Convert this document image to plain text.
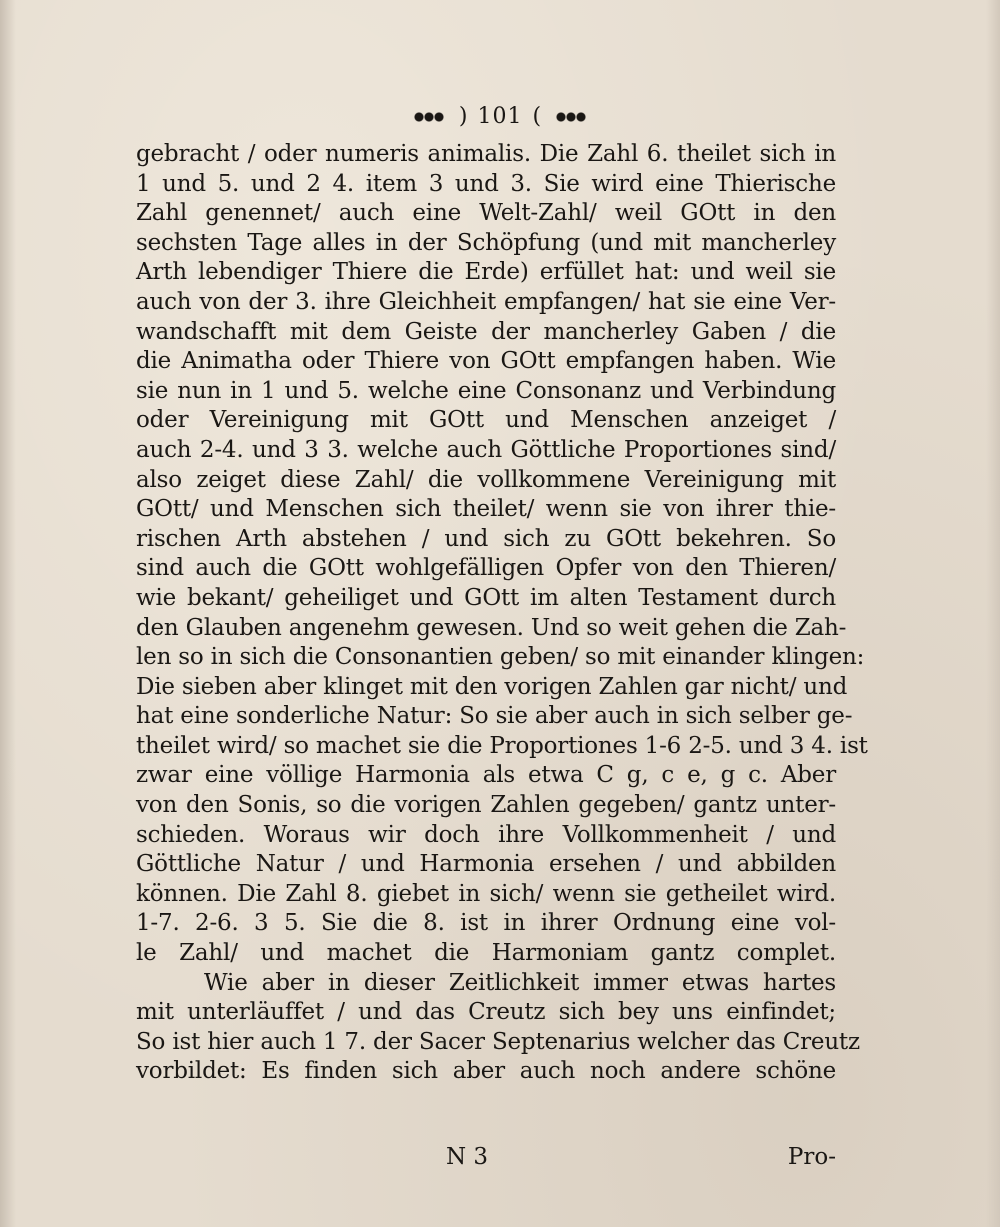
) 101 (
gebracht / oder numeris animalis. Die Zahl 6. theilet sich in
1 und 5. und 2 4. item 3 und 3. Sie wird eine Thierische
Zahl genennet/ auch eine Welt-Zahl/ weil GOtt in den
sechsten Tage alles in der Schöpfung (und mit mancherley
Arth lebendiger Thiere die Erde) erfüllet hat: und weil sie
auch von der 3. ihre Gleichheit empfangen/ hat sie eine Ver-
wandschafft mit dem Geiste der mancherley Gaben / die
die Animatha oder Thiere von GOtt empfangen haben. Wie
sie nun in 1 und 5. welche eine Consonanz und Verbindung
oder Vereinigung mit GOtt und Menschen anzeiget /
auch 2-4. und 3 3. welche auch Göttliche Proportiones sind/
also zeiget diese Zahl/ die vollkommene Vereinigung mit
GOtt/ und Menschen sich theilet/ wenn sie von ihrer thie-
rischen Arth abstehen / und sich zu GOtt bekehren. So
sind auch die GOtt wohlgefälligen Opfer von den Thieren/
wie bekant/ geheiliget und GOtt im alten Testament durch
den Glauben angenehm gewesen. Und so weit gehen die Zah-
len so in sich die Consonantien geben/ so mit einander klingen:
Die sieben aber klinget mit den vorigen Zahlen gar nicht/ und
hat eine sonderliche Natur: So sie aber auch in sich selber ge-
theilet wird/ so machet sie die Proportiones 1-6 2-5. und 3 4. ist
zwar eine völlige Harmonia als etwa C g, c e, g c. Aber
von den Sonis, so die vorigen Zahlen gegeben/ gantz unter-
schieden. Woraus wir doch ihre Vollkommenheit / und
Göttliche Natur / und Harmonia ersehen / und abbilden
können. Die Zahl 8. giebet in sich/ wenn sie getheilet wird.
1-7. 2-6. 3 5. Sie die 8. ist in ihrer Ordnung eine vol-
le Zahl/ und machet die Harmoniam gantz complet.
Wie aber in dieser Zeitlichkeit immer etwas hartes
mit unterläuffet / und das Creutz sich bey uns einfindet;
So ist hier auch 1 7. der Sacer Septenarius welcher das Creutz
vorbildet: Es finden sich aber auch noch andere schöne
N 3	Pro-
